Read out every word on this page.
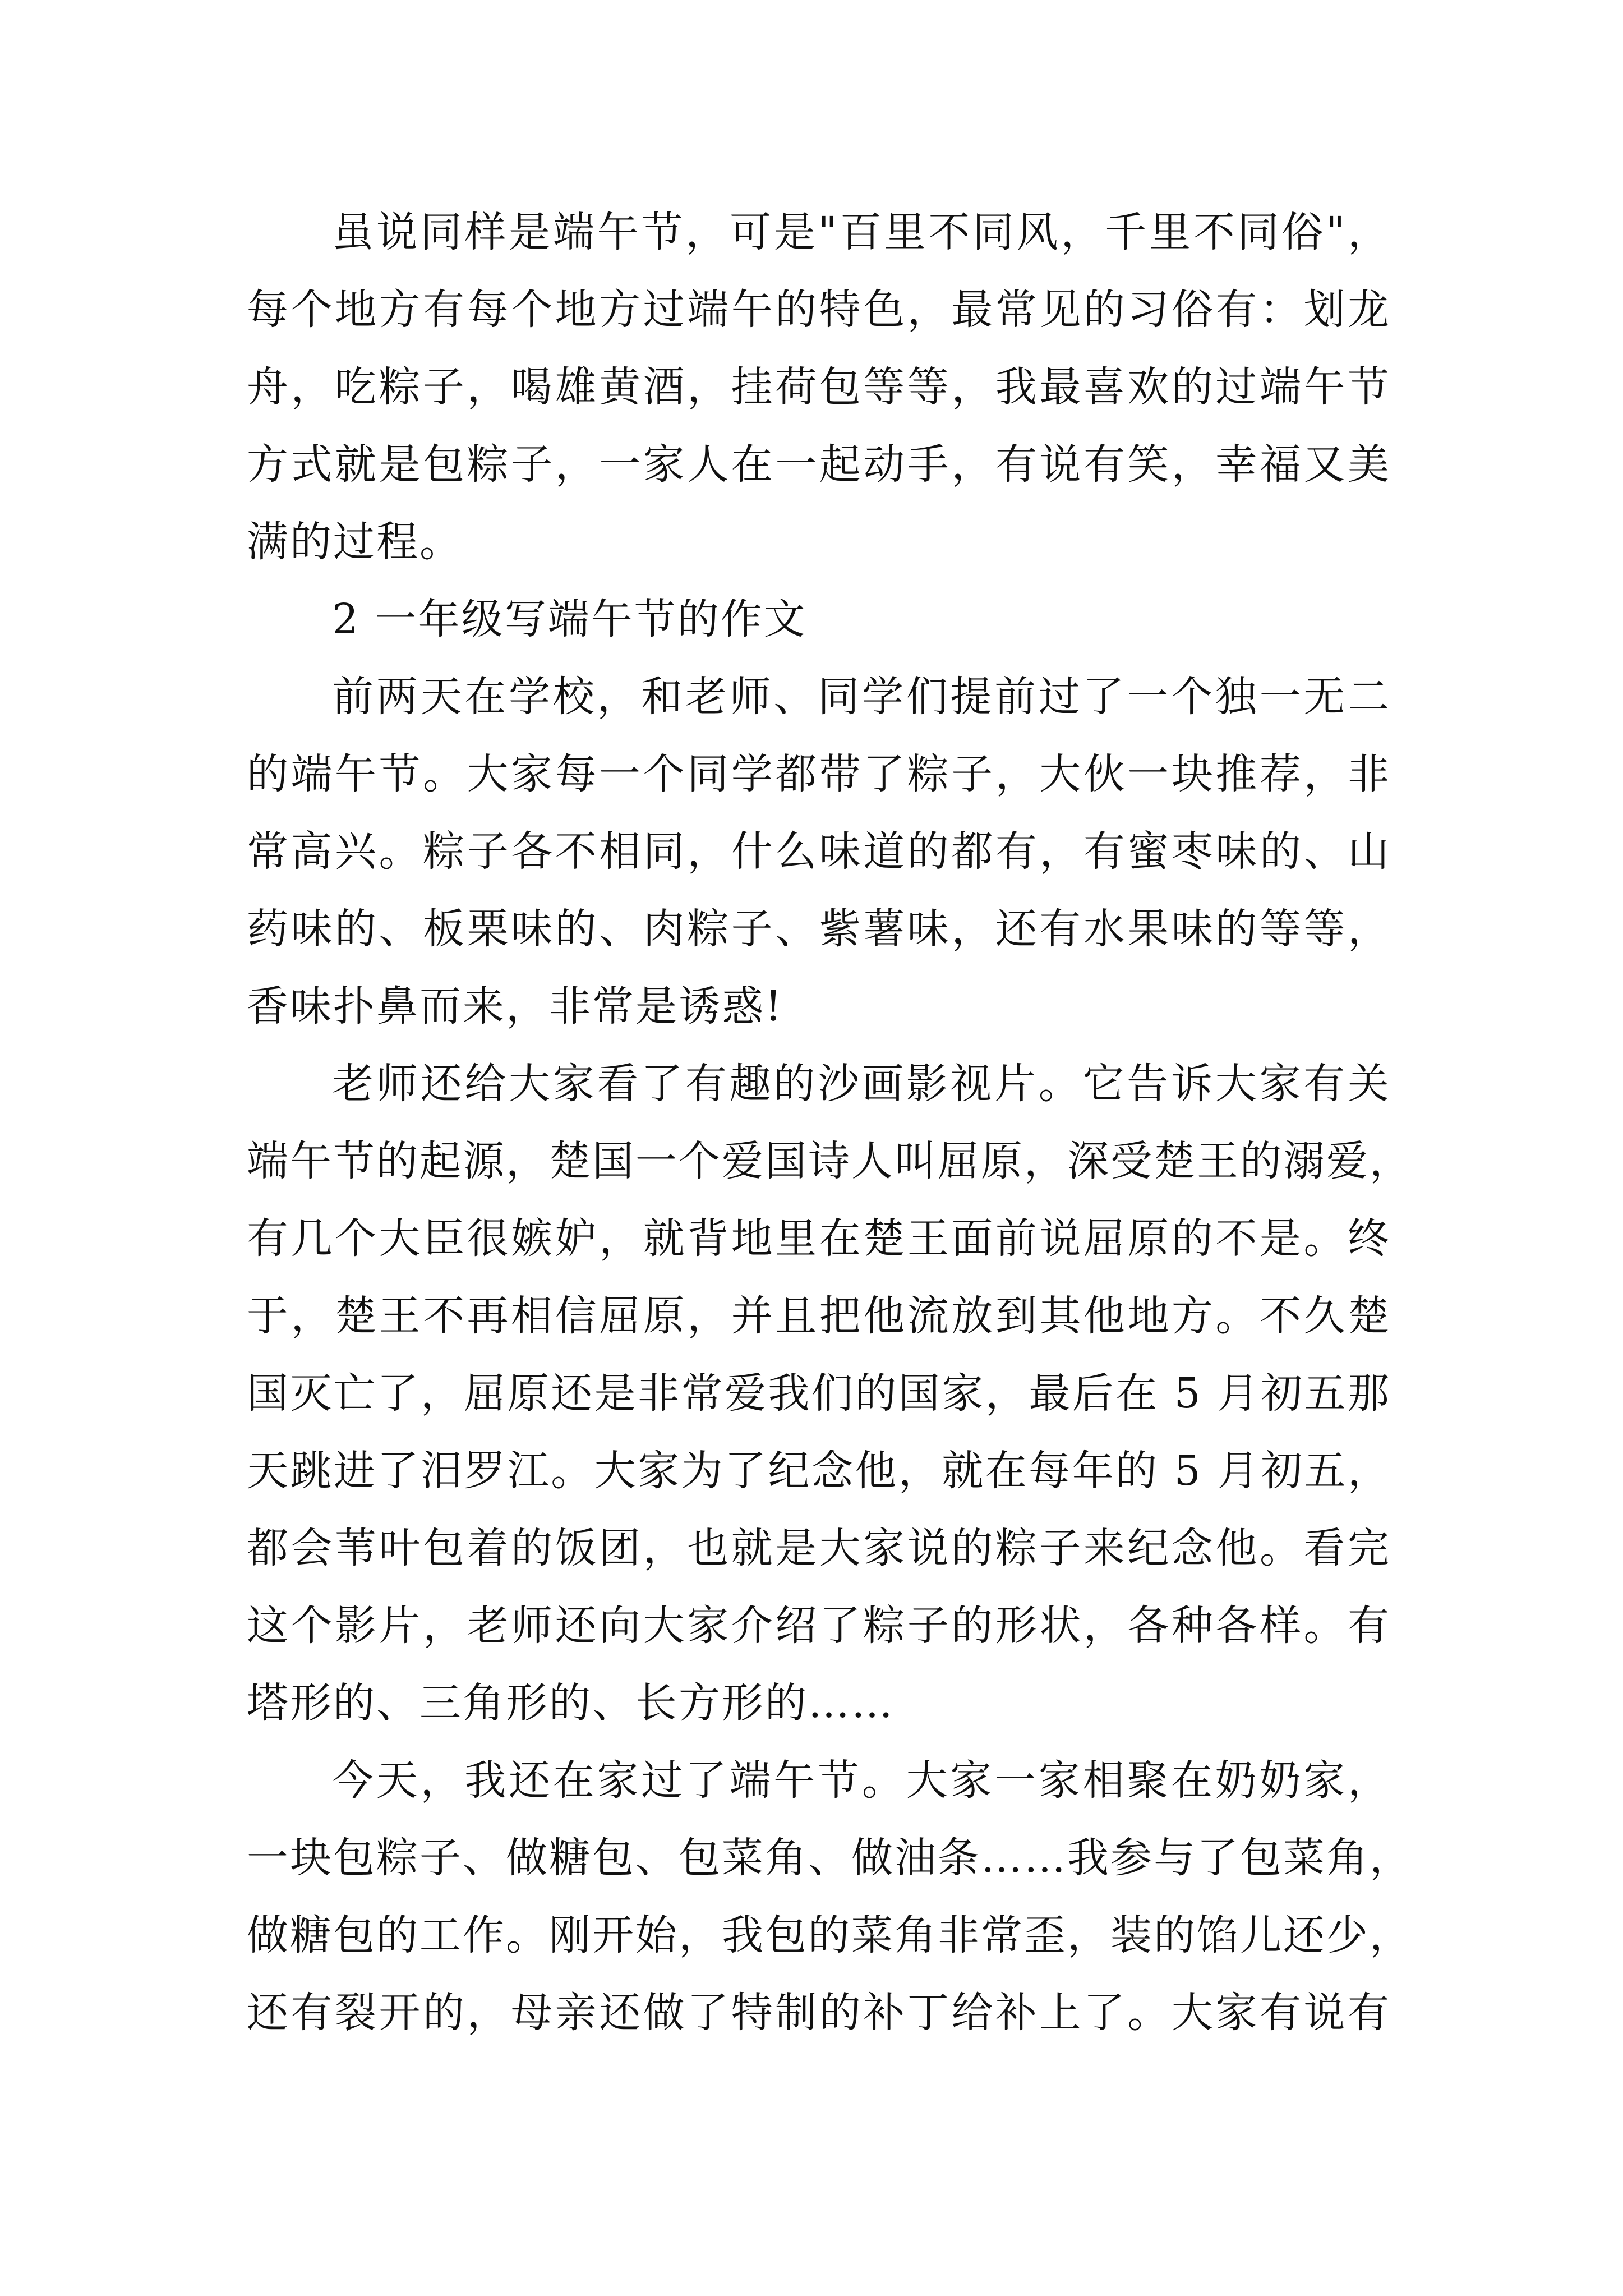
虽说同样是端午节，可是"百里不同风，千里不同俗"，
每个地方有每个地方过端午的特色，最常见的习俗有：划龙
舟，吃粽子，喝雄黄酒，挂荷包等等，我最喜欢的过端午节
方式就是包粽子，一家人在一起动手，有说有笑，幸福又美
满的过程。
2 一年级写端午节的作文
前两天在学校，和老师、同学们提前过了一个独一无二
的端午节。大家每一个同学都带了粽子，大伙一块推荐，非
常高兴。粽子各不相同，什么味道的都有，有蜜枣味的、山
药味的、板栗味的、肉粽子、紫薯味，还有水果味的等等，
香味扑鼻而来，非常是诱惑!
老师还给大家看了有趣的沙画影视片。它告诉大家有关
端午节的起源，楚国一个爱国诗人叫屈原，深受楚王的溺爱，
有几个大臣很嫉妒，就背地里在楚王面前说屈原的不是。终
于，楚王不再相信屈原，并且把他流放到其他地方。不久楚
国灭亡了，屈原还是非常爱我们的国家，最后在 5 月初五那
天跳进了汨罗江。大家为了纪念他，就在每年的 5 月初五，
都会苇叶包着的饭团，也就是大家说的粽子来纪念他。看完
这个影片，老师还向大家介绍了粽子的形状，各种各样。有
塔形的、三角形的、长方形的……
今天，我还在家过了端午节。大家一家相聚在奶奶家，
一块包粽子、做糖包、包菜角、做油条……我参与了包菜角，
做糖包的工作。刚开始，我包的菜角非常歪，装的馅儿还少，
还有裂开的，母亲还做了特制的补丁给补上了。大家有说有
